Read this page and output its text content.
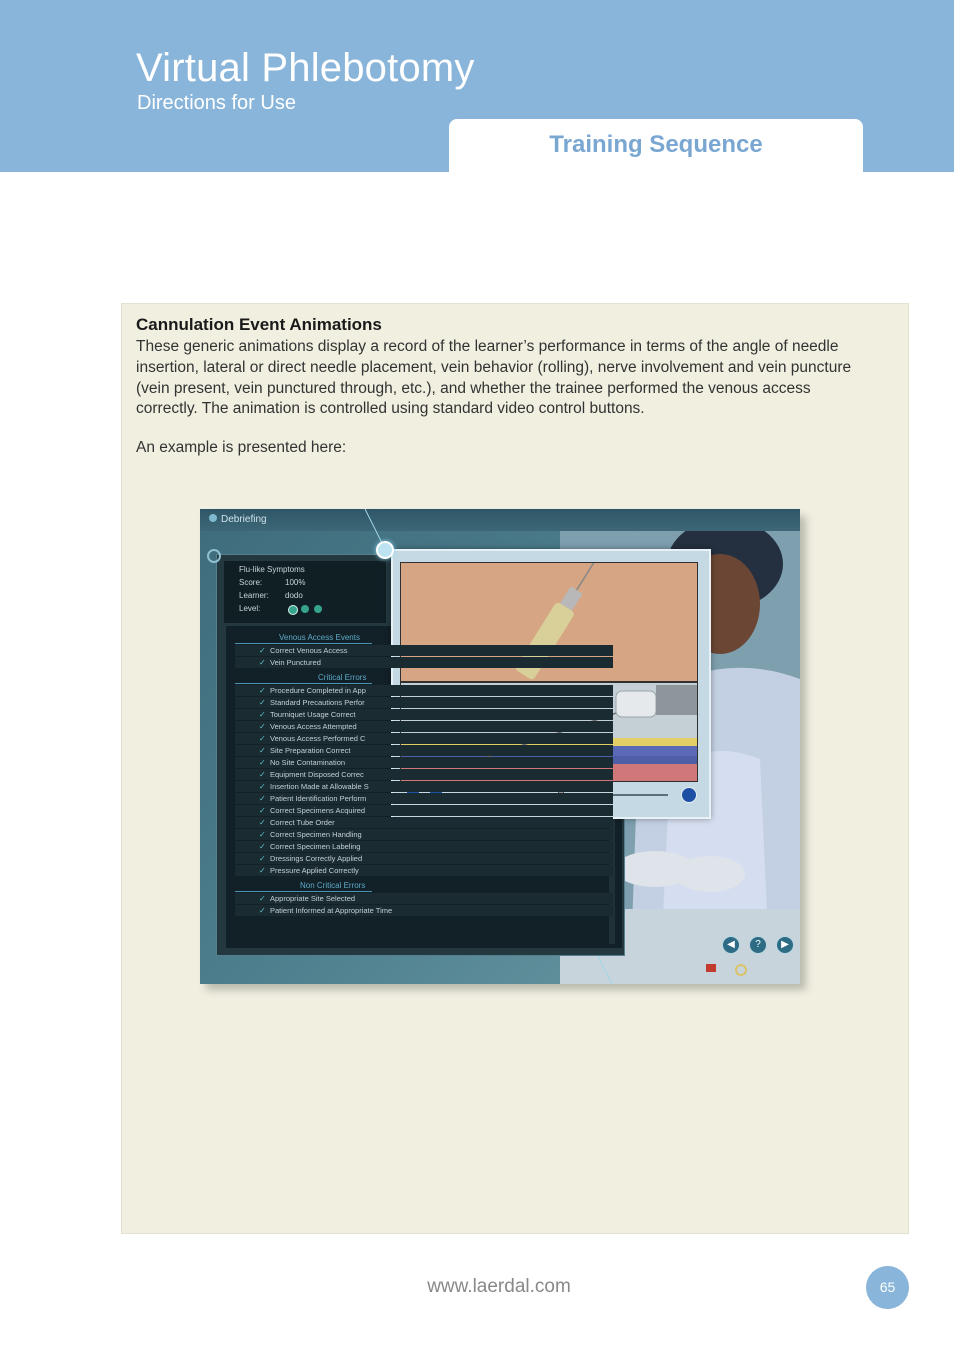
Virtual Phlebotomy
Directions for Use
Training Sequence
Cannulation Event Animations
These generic animations display a record of the learner’s performance in terms of the angle of needle insertion, lateral or direct needle placement, vein behavior (rolling), nerve involvement and vein puncture (vein present, vein punctured through, etc.), and whether the trainee performed the venous access correctly. The animation is controlled using standard video control buttons.
An example is presented here:
Debriefing
Flu-like Symptoms
Score:	100%
Learner: dodo
Level:
◀	?	▶
Venous Access Events
✓ Correct Venous Access
✓ Vein Punctured
Critical Errors
✓ Procedure Completed in App
✓ Standard Precautions Perfor
✓ Tourniquet Usage Correct
✓ Venous Access Attempted
✓ Venous Access Performed C
✓ Site Preparation Correct
✓ No Site Contamination
✓ Equipment Disposed Correc
✓ Insertion Made at Allowable S
✓ Patient Identification Perform
✓ Correct Specimens Acquired
✓ Correct Tube Order
✓ Correct Specimen Handling
✓ Correct Specimen Labeling
✓ Dressings Correctly Applied
✓ Pressure Applied Correctly
Non Critical Errors
✓ Appropriate Site Selected
✓ Patient Informed at Appropriate Time
www.laerdal.com	65
